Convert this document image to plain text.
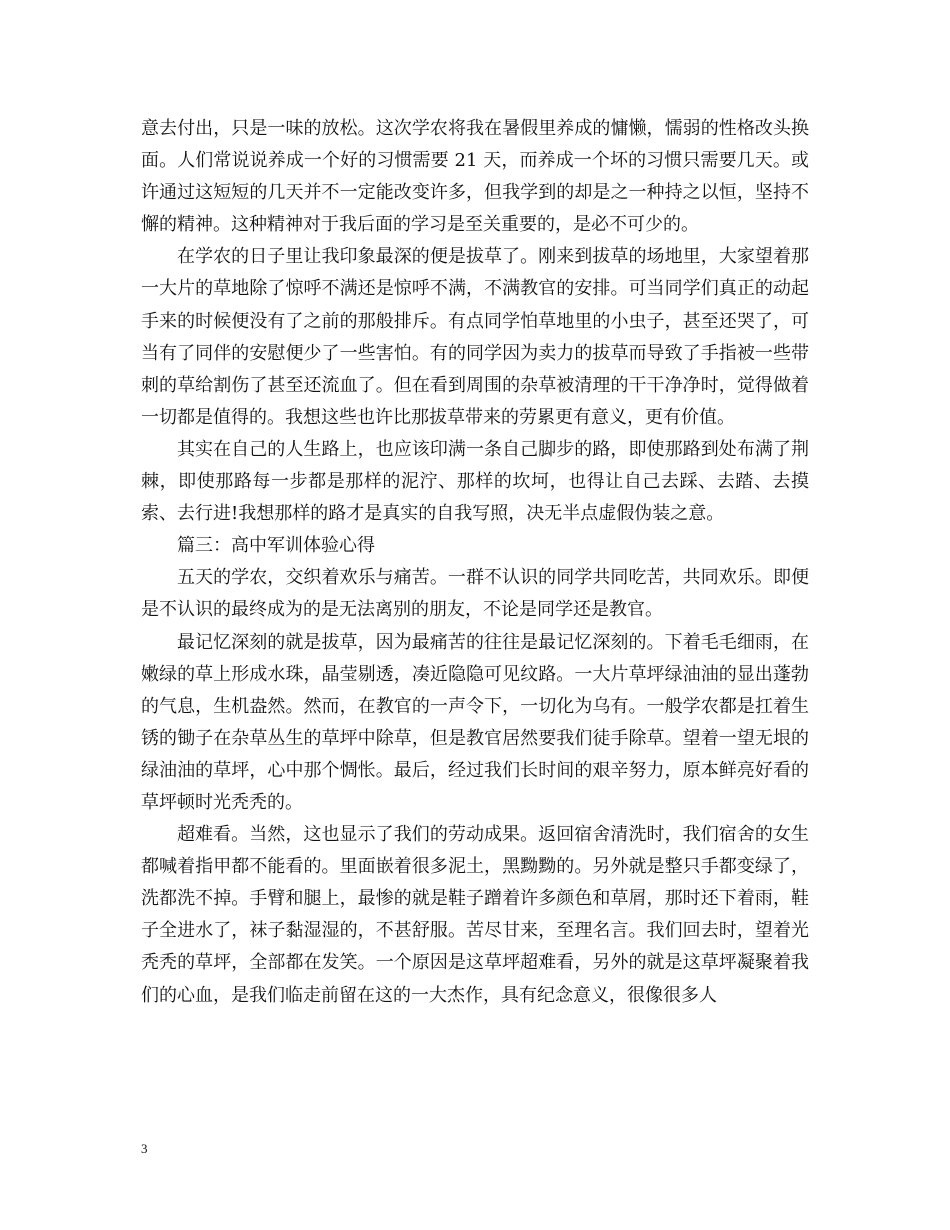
意去付出，只是一味的放松。这次学农将我在暑假里养成的慵懒，懦弱的性格改头换面。人们常说说养成一个好的习惯需要 21 天，而养成一个坏的习惯只需要几天。或许通过这短短的几天并不一定能改变许多，但我学到的却是之一种持之以恒，坚持不懈的精神。这种精神对于我后面的学习是至关重要的，是必不可少的。

在学农的日子里让我印象最深的便是拔草了。刚来到拔草的场地里，大家望着那一大片的草地除了惊呼不满还是惊呼不满，不满教官的安排。可当同学们真正的动起手来的时候便没有了之前的那般排斥。有点同学怕草地里的小虫子，甚至还哭了，可当有了同伴的安慰便少了一些害怕。有的同学因为卖力的拔草而导致了手指被一些带刺的草给割伤了甚至还流血了。但在看到周围的杂草被清理的干干净净时，觉得做着一切都是值得的。我想这些也许比那拔草带来的劳累更有意义，更有价值。

其实在自己的人生路上，也应该印满一条自己脚步的路，即使那路到处布满了荆棘，即使那路每一步都是那样的泥泞、那样的坎坷，也得让自己去踩、去踏、去摸索、去行进!我想那样的路才是真实的自我写照，决无半点虚假伪装之意。

篇三：高中军训体验心得

五天的学农，交织着欢乐与痛苦。一群不认识的同学共同吃苦，共同欢乐。即便是不认识的最终成为的是无法离别的朋友，不论是同学还是教官。

最记忆深刻的就是拔草，因为最痛苦的往往是最记忆深刻的。下着毛毛细雨，在嫩绿的草上形成水珠，晶莹剔透，凑近隐隐可见纹路。一大片草坪绿油油的显出蓬勃的气息，生机盎然。然而，在教官的一声令下，一切化为乌有。一般学农都是扛着生锈的锄子在杂草丛生的草坪中除草，但是教官居然要我们徒手除草。望着一望无垠的绿油油的草坪，心中那个惆怅。最后，经过我们长时间的艰辛努力，原本鲜亮好看的草坪顿时光秃秃的。

超难看。当然，这也显示了我们的劳动成果。返回宿舍清洗时，我们宿舍的女生都喊着指甲都不能看的。里面嵌着很多泥土，黑黝黝的。另外就是整只手都变绿了，洗都洗不掉。手臂和腿上，最惨的就是鞋子蹭着许多颜色和草屑，那时还下着雨，鞋子全进水了，袜子黏湿湿的，不甚舒服。苦尽甘来，至理名言。我们回去时，望着光秃秃的草坪，全部都在发笑。一个原因是这草坪超难看，另外的就是这草坪凝聚着我们的心血，是我们临走前留在这的一大杰作，具有纪念意义，很像很多人

3
